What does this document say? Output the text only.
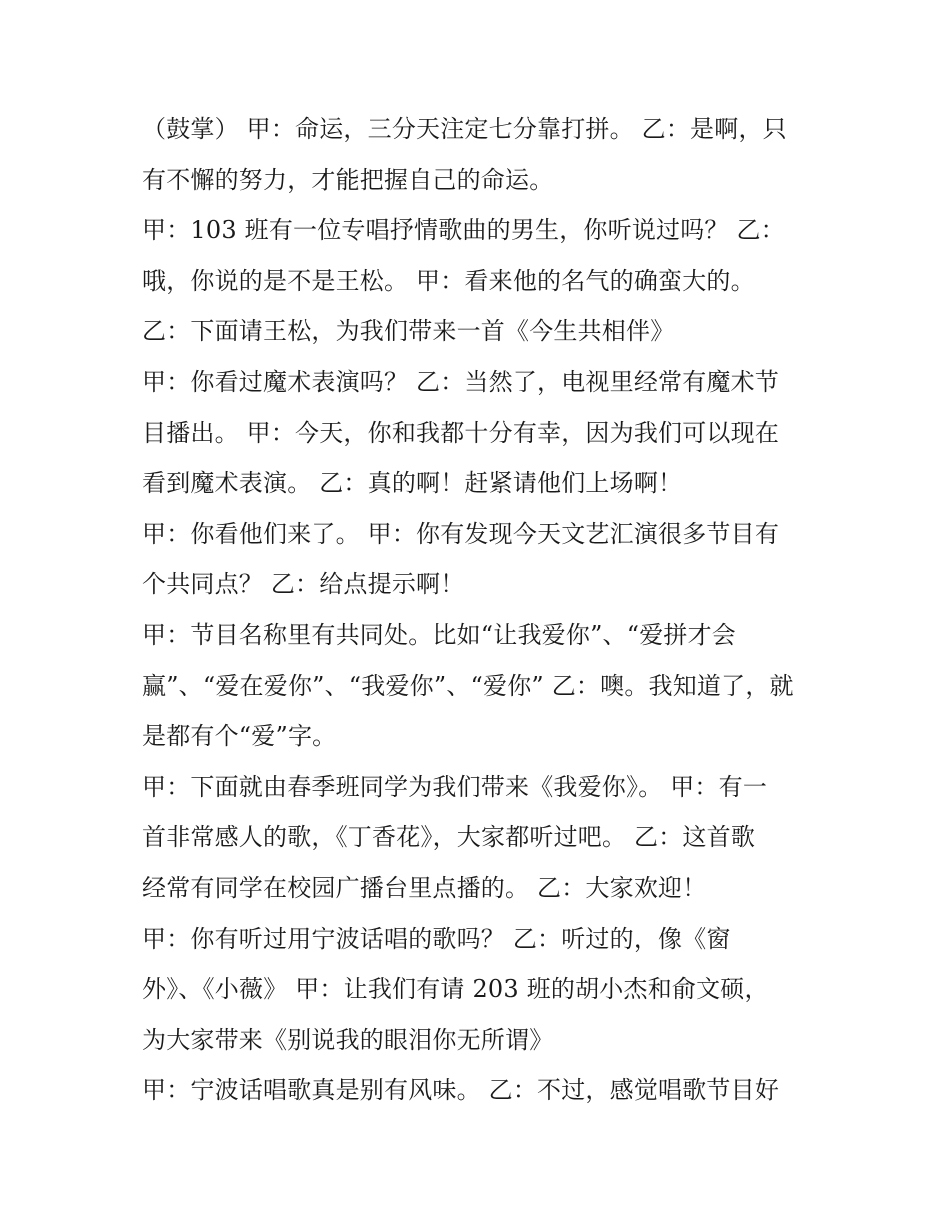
（鼓掌） 甲：命运，三分天注定七分靠打拼。 乙：是啊，只
有不懈的努力，才能把握自己的命运。
甲：103 班有一位专唱抒情歌曲的男生，你听说过吗？ 乙：
哦，你说的是不是王松。 甲：看来他的名气的确蛮大的。
乙：下面请王松，为我们带来一首《今生共相伴》
甲：你看过魔术表演吗？ 乙：当然了，电视里经常有魔术节
目播出。 甲：今天，你和我都十分有幸，因为我们可以现在
看到魔术表演。 乙：真的啊！赶紧请他们上场啊！
甲：你看他们来了。 甲：你有发现今天文艺汇演很多节目有
个共同点？ 乙：给点提示啊！
甲：节目名称里有共同处。比如“让我爱你”、“爱拼才会
赢”、“爱在爱你”、“我爱你”、“爱你” 乙：噢。我知道了，就
是都有个“爱”字。
甲：下面就由春季班同学为我们带来《我爱你》。 甲：有一
首非常感人的歌，《丁香花》，大家都听过吧。 乙：这首歌
经常有同学在校园广播台里点播的。 乙：大家欢迎！
甲：你有听过用宁波话唱的歌吗？ 乙：听过的，像《窗
外》、《小薇》 甲：让我们有请 203 班的胡小杰和俞文硕，
为大家带来《别说我的眼泪你无所谓》
甲：宁波话唱歌真是别有风味。 乙：不过，感觉唱歌节目好
